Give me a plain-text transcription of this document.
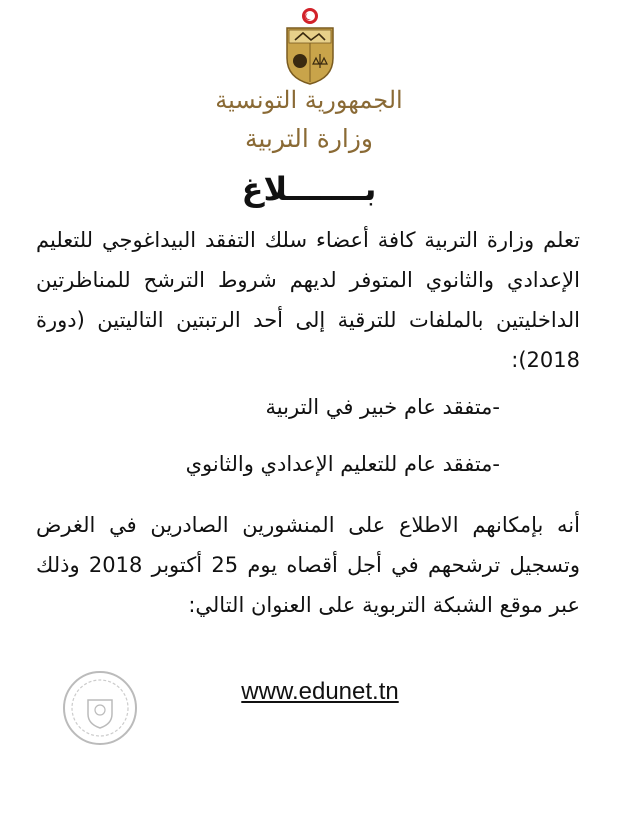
الجمهورية التونسية
وزارة التربية
بـــــــلاغ
تعلم وزارة التربية كافة أعضاء سلك التفقد البيداغوجي للتعليم الإعدادي والثانوي المتوفر لديهم شروط الترشح للمناظرتين الداخليتين بالملفات للترقية إلى أحد الرتبتين التاليتين (دورة 2018):
-متفقد عام خبير في التربية
-متفقد عام للتعليم الإعدادي والثانوي
أنه بإمكانهم الاطلاع على المنشورين الصادرين في الغرض وتسجيل ترشحهم في أجل أقصاه يوم 25 أكتوبر 2018 وذلك عبر موقع الشبكة التربوية على العنوان التالي:
www.edunet.tn
